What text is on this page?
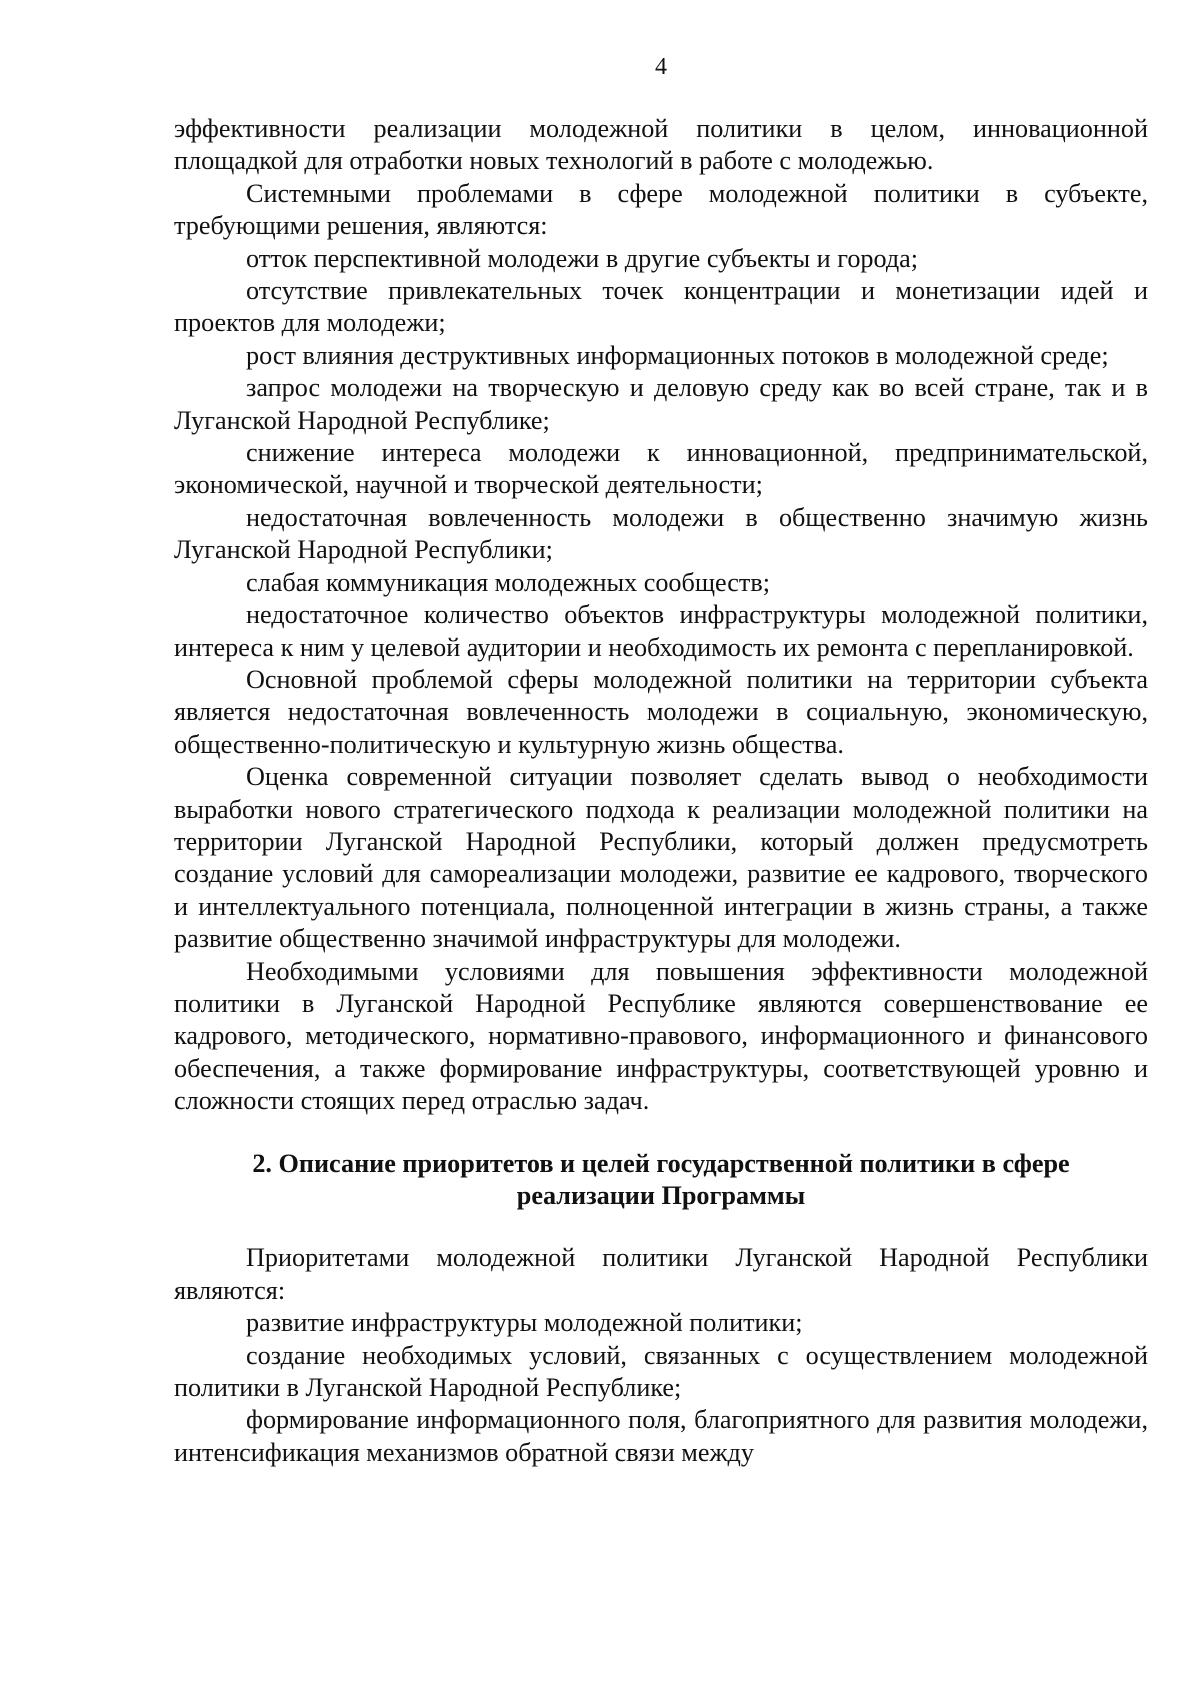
4

эффективности реализации молодежной политики в целом, инновационной площадкой для отработки новых технологий в работе с молодежью.

Системными проблемами в сфере молодежной политики в субъекте, требующими решения, являются:

отток перспективной молодежи в другие субъекты и города;

отсутствие привлекательных точек концентрации и монетизации идей и проектов для молодежи;

рост влияния деструктивных информационных потоков в молодежной среде;

запрос молодежи на творческую и деловую среду как во всей стране, так и в Луганской Народной Республике;

снижение интереса молодежи к инновационной, предпринимательской, экономической, научной и творческой деятельности;

недостаточная вовлеченность молодежи в общественно значимую жизнь Луганской Народной Республики;

слабая коммуникация молодежных сообществ;

недостаточное количество объектов инфраструктуры молодежной политики, интереса к ним у целевой аудитории и необходимость их ремонта с перепланировкой.

Основной проблемой сферы молодежной политики на территории субъекта является недостаточная вовлеченность молодежи в социальную, экономическую, общественно-политическую и культурную жизнь общества.

Оценка современной ситуации позволяет сделать вывод о необходимости выработки нового стратегического подхода к реализации молодежной политики на территории Луганской Народной Республики, который должен предусмотреть создание условий для самореализации молодежи, развитие ее кадрового, творческого и интеллектуального потенциала, полноценной интеграции в жизнь страны, а также развитие общественно значимой инфраструктуры для молодежи.

Необходимыми условиями для повышения эффективности молодежной политики в Луганской Народной Республике являются совершенствование ее кадрового, методического, нормативно-правового, информационного и финансового обеспечения, а также формирование инфраструктуры, соответствующей уровню и сложности стоящих перед отраслью задач.

2. Описание приоритетов и целей государственной политики в сфере
реализации Программы

Приоритетами молодежной политики Луганской Народной Республики являются:

развитие инфраструктуры молодежной политики;

создание необходимых условий, связанных с осуществлением молодежной политики в Луганской Народной Республике;

формирование информационного поля, благоприятного для развития молодежи, интенсификация механизмов обратной связи между
